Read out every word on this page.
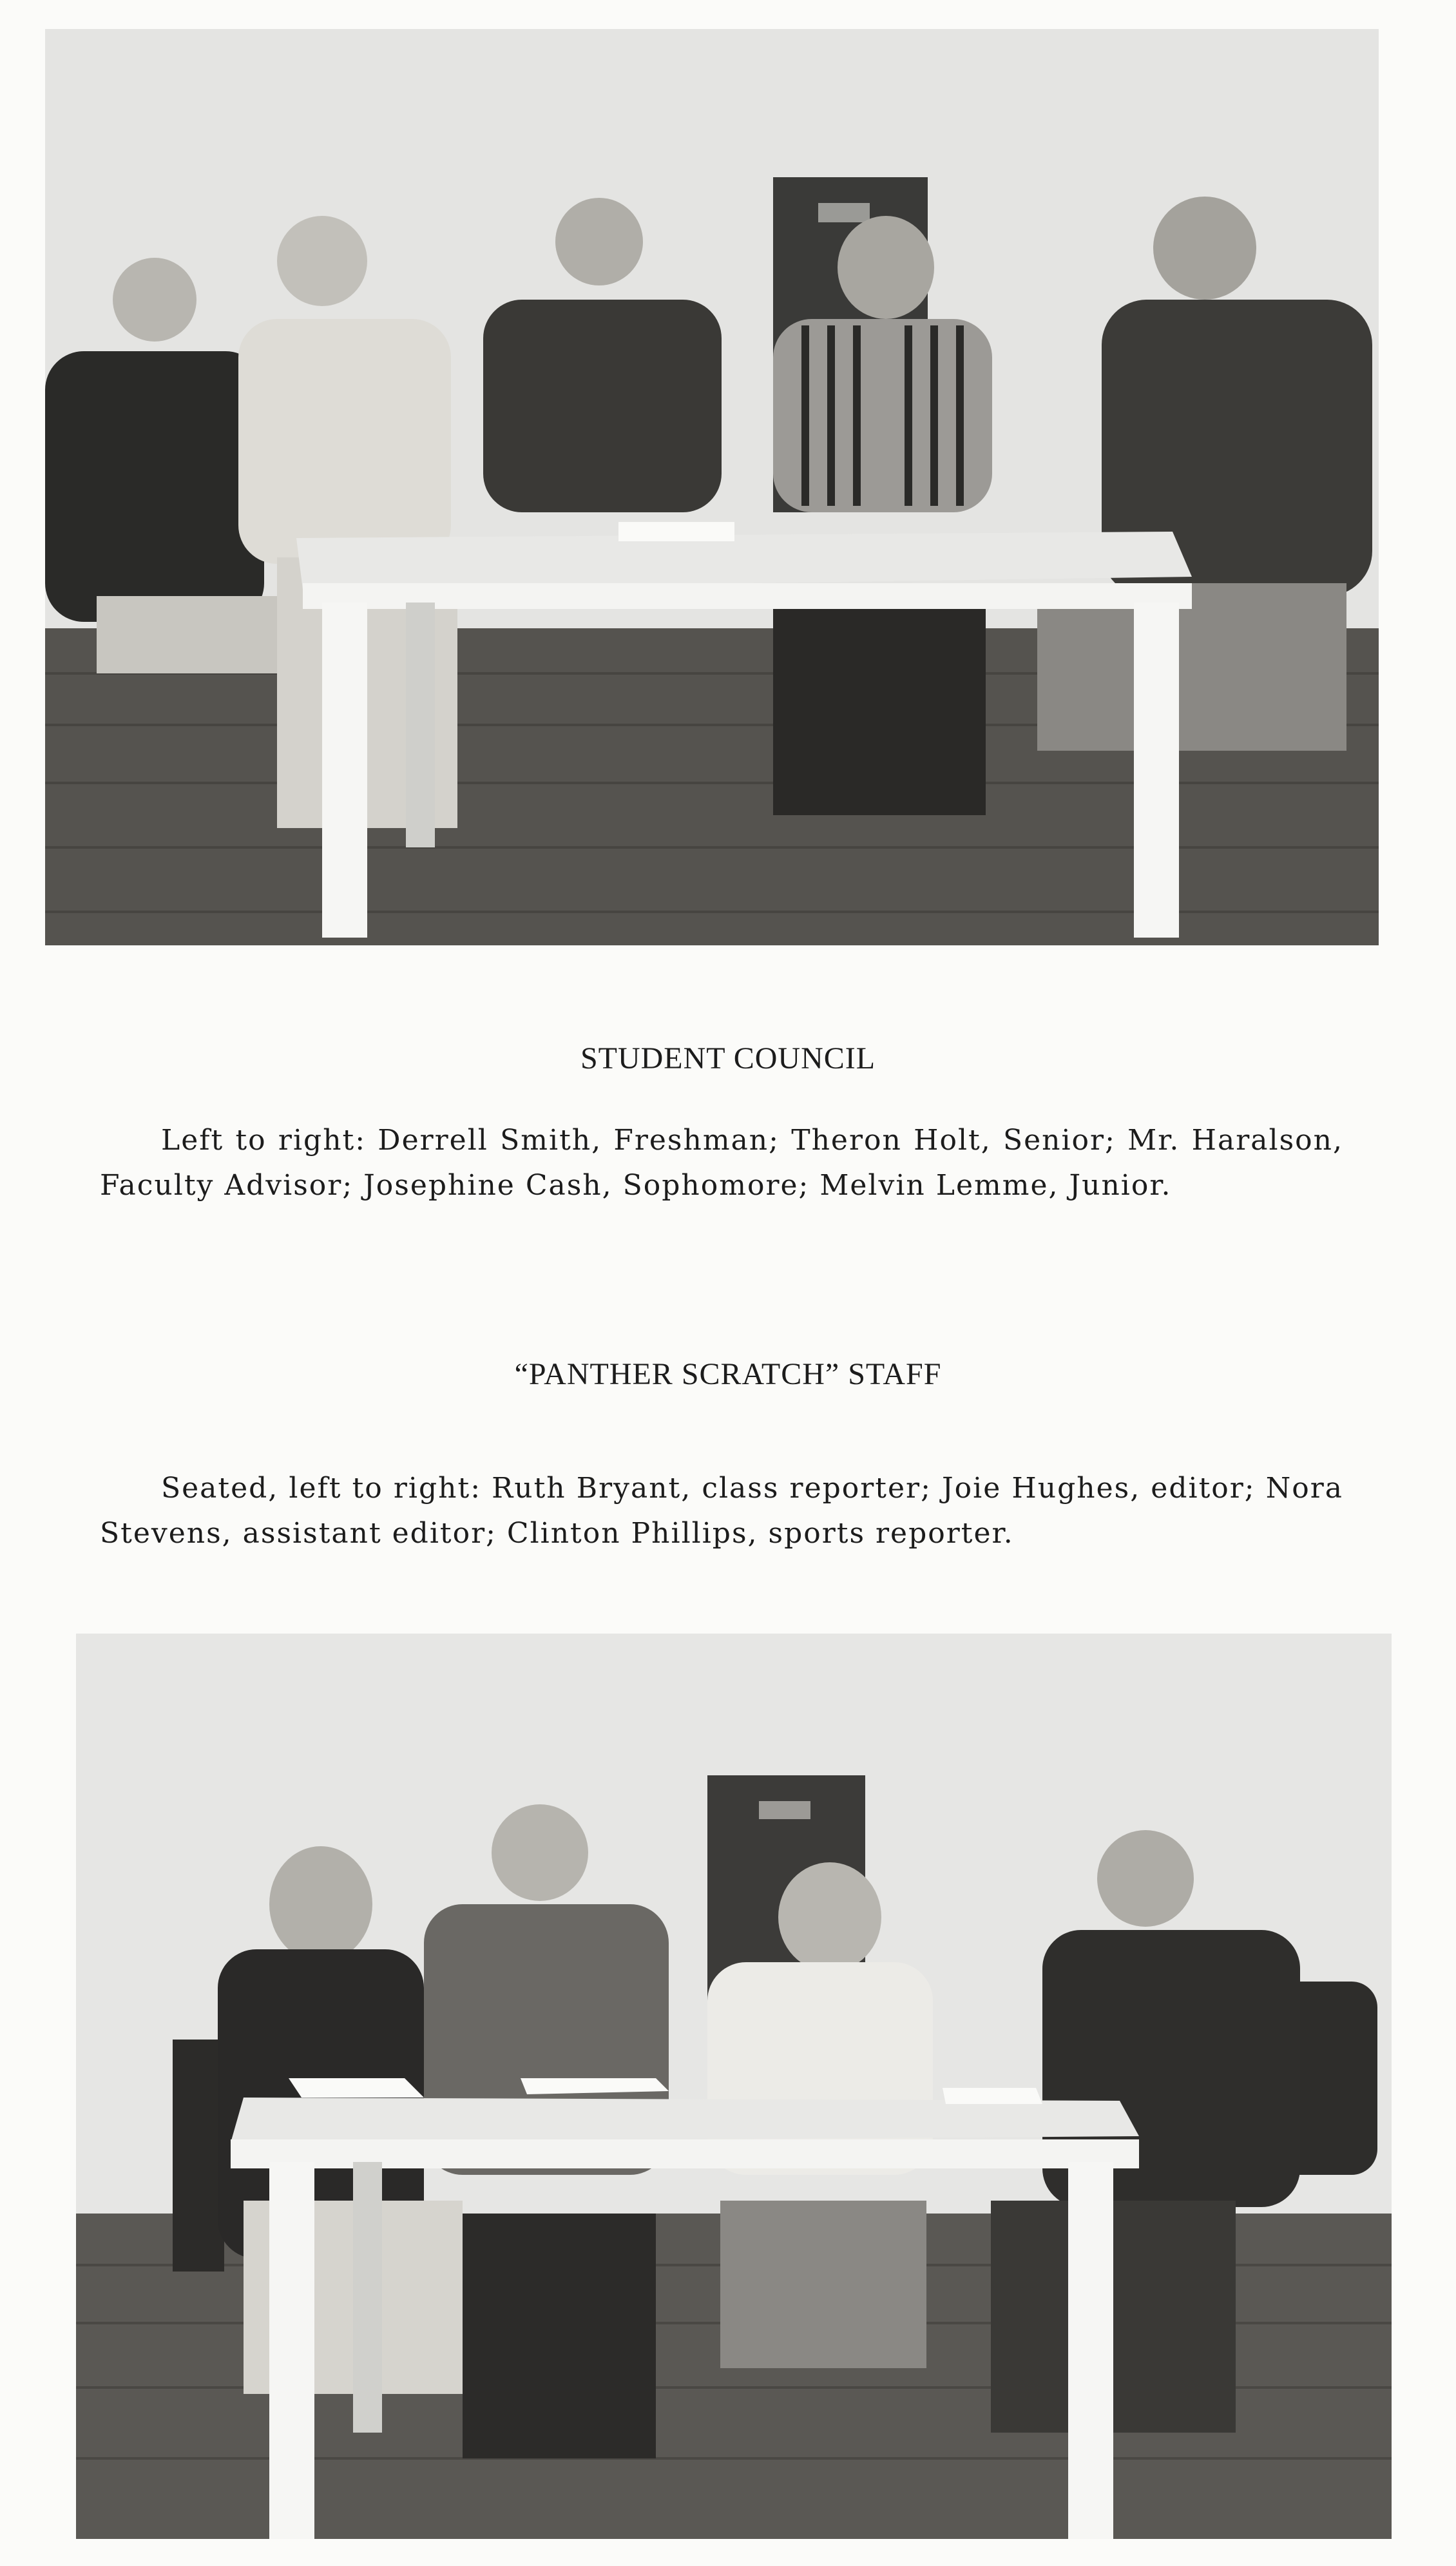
STUDENT COUNCIL
Left to right: Derrell Smith, Freshman; Theron Holt, Senior; Mr. Haralson, Faculty Advisor; Josephine Cash, Sophomore; Melvin Lemme, Junior.
“PANTHER SCRATCH” STAFF
Seated, left to right: Ruth Bryant, class reporter; Joie Hughes, editor; Nora Stevens, assistant editor; Clinton Phillips, sports reporter.
